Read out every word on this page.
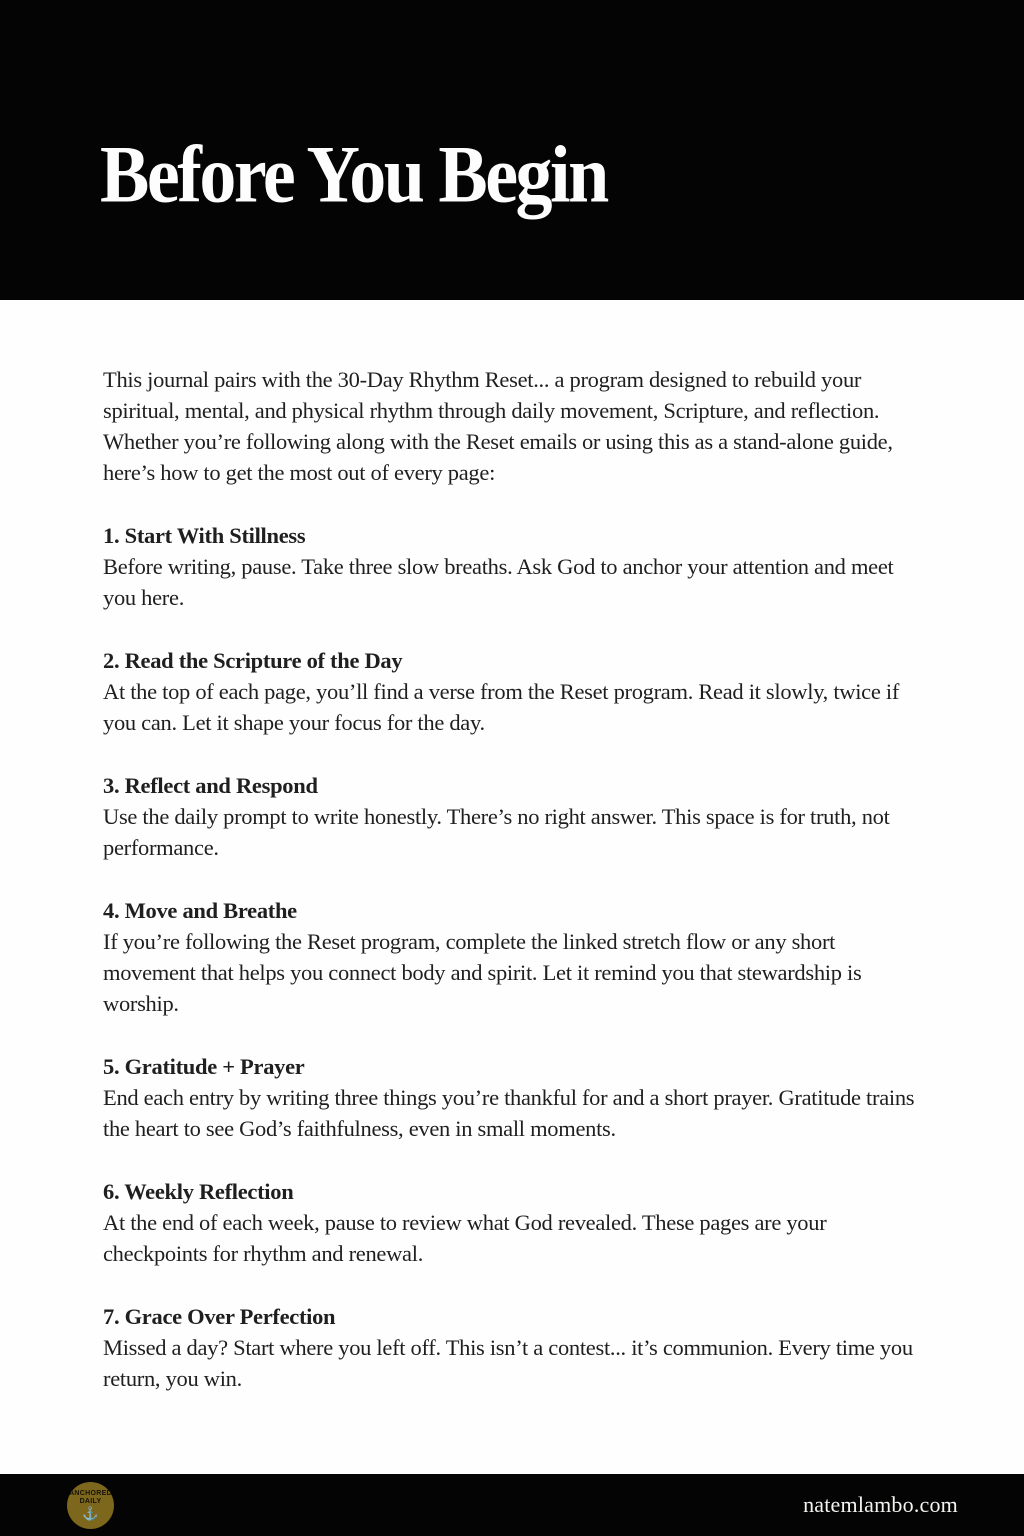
Before You Begin

This journal pairs with the 30-Day Rhythm Reset... a program designed to rebuild your spiritual, mental, and physical rhythm through daily movement, Scripture, and reflection. Whether you’re following along with the Reset emails or using this as a stand-alone guide, here’s how to get the most out of every page:

1. Start With Stillness
Before writing, pause. Take three slow breaths. Ask God to anchor your attention and meet you here.
2. Read the Scripture of the Day
At the top of each page, you’ll find a verse from the Reset program. Read it slowly, twice if you can. Let it shape your focus for the day.
3. Reflect and Respond
Use the daily prompt to write honestly. There’s no right answer. This space is for truth, not performance.
4. Move and Breathe
If you’re following the Reset program, complete the linked stretch flow or any short movement that helps you connect body and spirit. Let it remind you that stewardship is worship.
5. Gratitude + Prayer
End each entry by writing three things you’re thankful for and a short prayer. Gratitude trains the heart to see God’s faithfulness, even in small moments.
6. Weekly Reflection
At the end of each week, pause to review what God revealed. These pages are your checkpoints for rhythm and renewal.
7. Grace Over Perfection
Missed a day? Start where you left off. This isn’t a contest... it’s communion. Every time you return, you win.
ANCHORED
DAILY
⚓	natemlambo.com
